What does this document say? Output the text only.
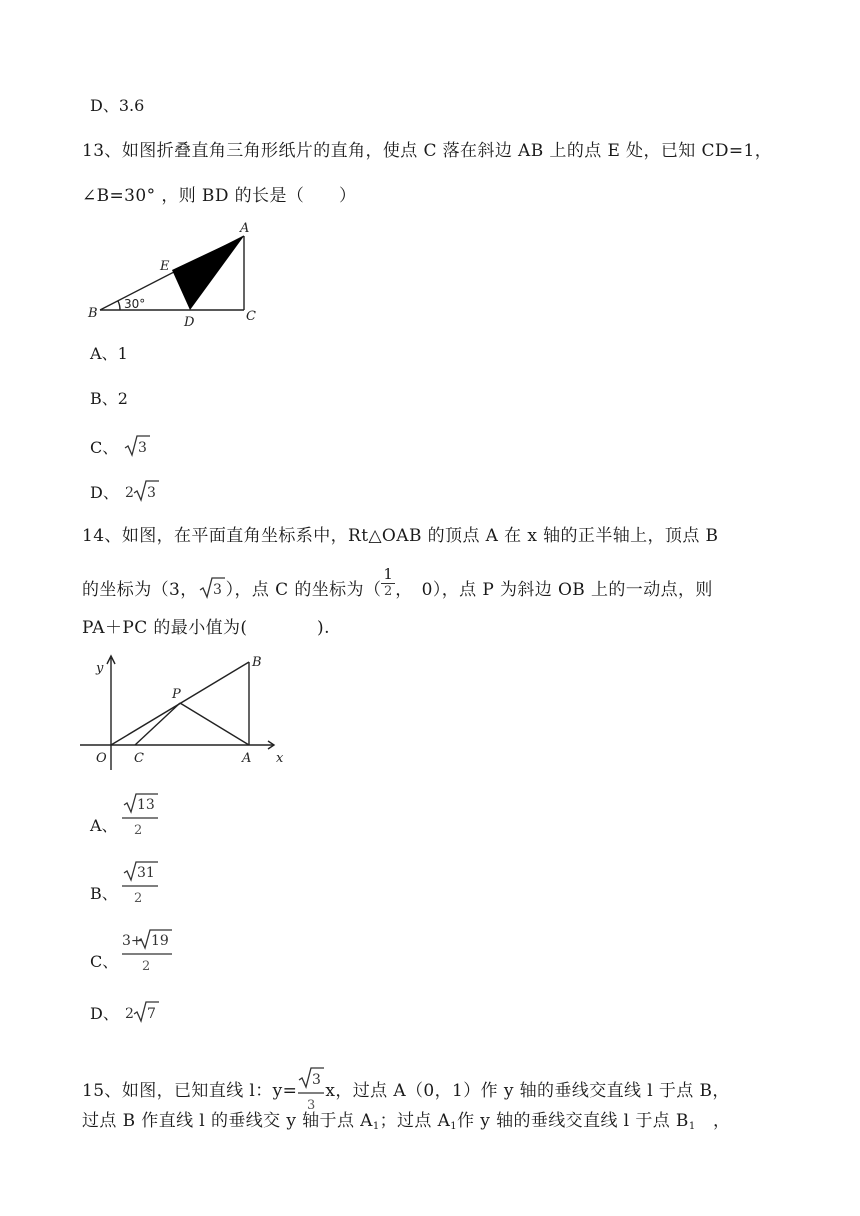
D、3.6
13、如图折叠直角三角形纸片的直角，使点 C 落在斜边 AB 上的点 E 处，已知 CD=1，
∠B=30° ，则 BD 的长是（　　）
B	C
D
E
A
30°
A、1
B、2
C、 3
D、 2 3
14、如图，在平面直角坐标系中，Rt△OAB 的顶点 A 在 x 轴的正半轴上，顶点 B
的坐标为（3， 3 ），点 C 的坐标为（ $\frac{1}{2}$ ，　0），点 P 为斜边 OB 上的一动点，则
PA＋PC 的最小值为(　　　　).
y
x
O C	A
P
B
A、
13
2
B、
31
2
C、
3+ 19
2
D、 2 7
15、如图，已知直线 l：y=
3
3
x，过点 A（0，1）作 y 轴的垂线交直线 l 于点 B，
过点 B 作直线 l 的垂线交 y 轴于点 $A_1$；过点 $A_1$作 y 轴的垂线交直线 l 于点 $B_1$　，
